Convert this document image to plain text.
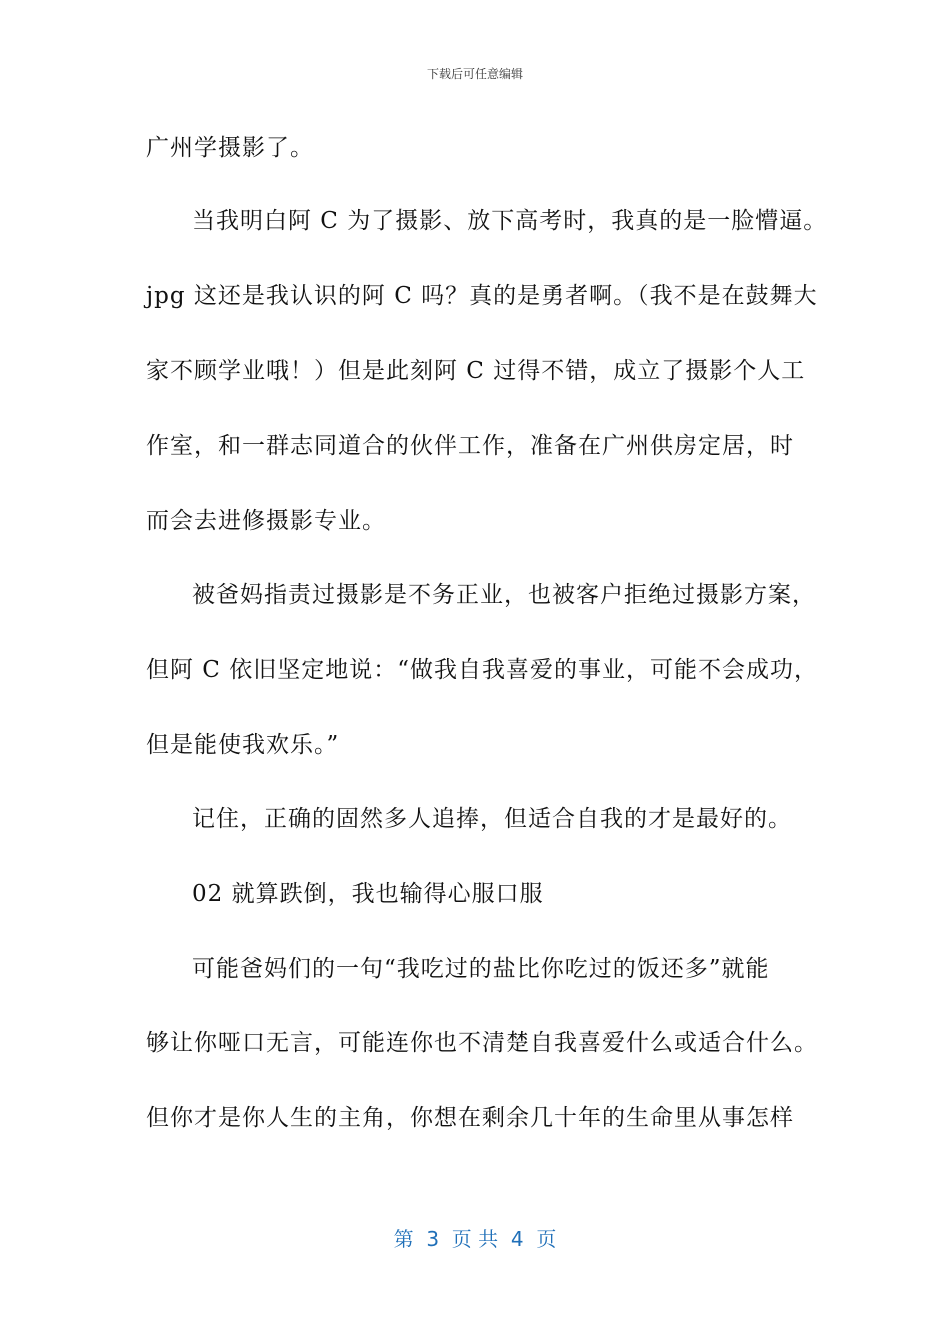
下载后可任意编辑
广州学摄影了。
当我明白阿 C 为了摄影、放下高考时，我真的是一脸懵逼。
jpg 这还是我认识的阿 C 吗？真的是勇者啊。（我不是在鼓舞大
家不顾学业哦！）但是此刻阿 C 过得不错，成立了摄影个人工
作室，和一群志同道合的伙伴工作，准备在广州供房定居，时
而会去进修摄影专业。
被爸妈指责过摄影是不务正业，也被客户拒绝过摄影方案，
但阿 C 依旧坚定地说：“做我自我喜爱的事业，可能不会成功，
但是能使我欢乐。”
记住，正确的固然多人追捧，但适合自我的才是最好的。
02 就算跌倒，我也输得心服口服
可能爸妈们的一句“我吃过的盐比你吃过的饭还多”就能
够让你哑口无言，可能连你也不清楚自我喜爱什么或适合什么。
但你才是你人生的主角，你想在剩余几十年的生命里从事怎样
第  3  页 共  4  页
